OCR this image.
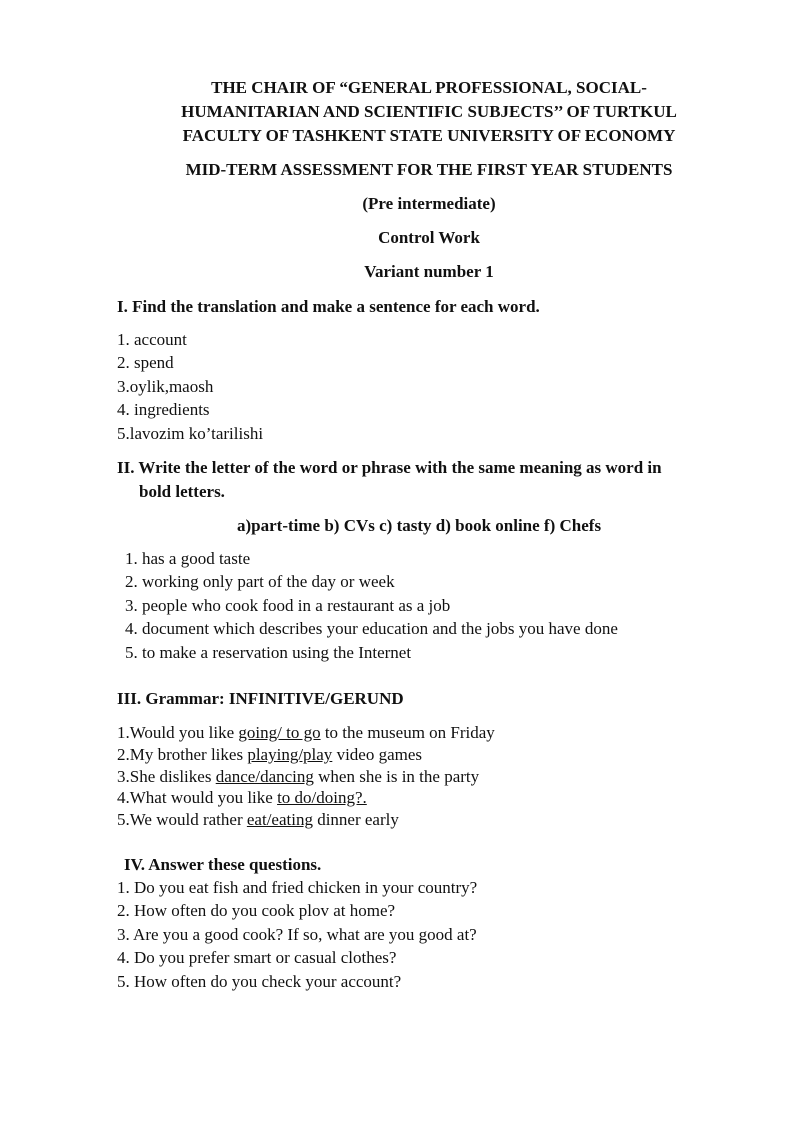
THE CHAIR OF “GENERAL PROFESSIONAL, SOCIAL-
HUMANITARIAN AND SCIENTIFIC SUBJECTS’’ OF TURTKUL
FACULTY OF TASHKENT STATE UNIVERSITY OF ECONOMY
MID-TERM ASSESSMENT FOR THE FIRST YEAR STUDENTS
(Pre intermediate)
Control Work
Variant number 1
I. Find the translation and make a sentence for each word.
1. account
2. spend
3.oylik,maosh
4. ingredients
5.lavozim ko’tarilishi
II. Write the letter of the word or phrase with the same meaning as word in
bold letters.
a)part-time b) CVs c) tasty d) book online f) Chefs
1. has a good taste
2. working only part of the day or week
3. people who cook food in a restaurant as a job
4. document which describes your education and the jobs you have done
5. to make a reservation using the Internet
III. Grammar: INFINITIVE/GERUND
1.Would you like going/ to go to the museum on Friday
2.My brother likes playing/play video games
3.She dislikes dance/dancing when she is in the party
4.What would you like to do/doing?.
5.We would rather eat/eating dinner early
IV. Answer these questions.
1. Do you eat fish and fried chicken in your country?
2. How often do you cook plov at home?
3. Are you a good cook? If so, what are you good at?
4. Do you prefer smart or casual clothes?
5. How often do you check your account?
